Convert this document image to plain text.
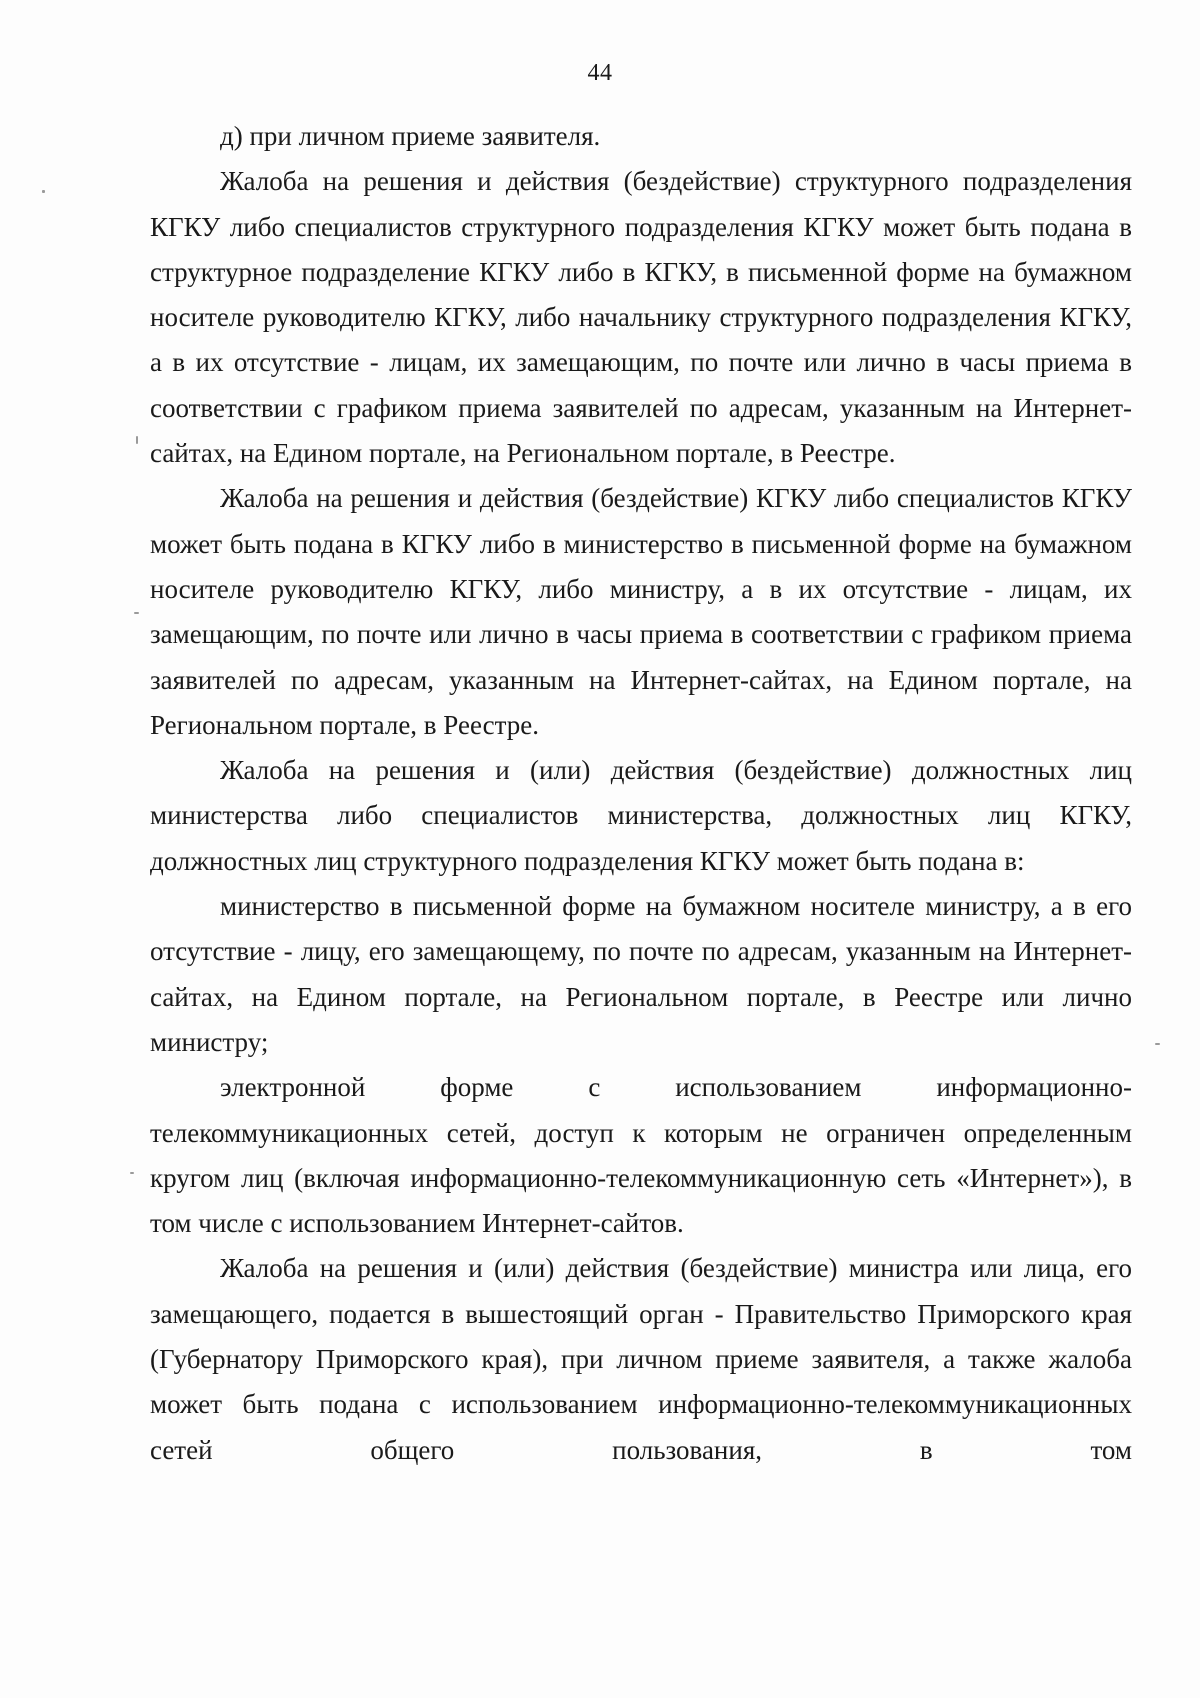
44

д) при личном приеме заявителя.

Жалоба на решения и действия (бездействие) структурного подразделения КГКУ либо специалистов структурного подразделения КГКУ может быть подана в структурное подразделение КГКУ либо в КГКУ, в письменной форме на бумажном носителе руководителю КГКУ, либо начальнику структурного подразделения КГКУ, а в их отсутствие - лицам, их замещающим, по почте или лично в часы приема в соответствии с графиком приема заявителей по адресам, указанным на Интернет-сайтах, на Едином портале, на Региональном портале, в Реестре.

Жалоба на решения и действия (бездействие) КГКУ либо специалистов КГКУ может быть подана в КГКУ либо в министерство в письменной форме на бумажном носителе руководителю КГКУ, либо министру, а в их отсутствие - лицам, их замещающим, по почте или лично в часы приема в соответствии с графиком приема заявителей по адресам, указанным на Интернет-сайтах, на Едином портале, на Региональном портале, в Реестре.

Жалоба на решения и (или) действия (бездействие) должностных лиц министерства либо специалистов министерства, должностных лиц КГКУ, должностных лиц структурного подразделения КГКУ может быть подана в:

министерство в письменной форме на бумажном носителе министру, а в его отсутствие - лицу, его замещающему, по почте по адресам, указанным на Интернет-сайтах, на Едином портале, на Региональном портале, в Реестре или лично министру;

электронной форме с использованием информационно-телекоммуникационных сетей, доступ к которым не ограничен определенным кругом лиц (включая информационно-телекоммуникационную сеть «Интернет»), в том числе с использованием Интернет-сайтов.

Жалоба на решения и (или) действия (бездействие) министра или лица, его замещающего, подается в вышестоящий орган - Правительство Приморского края (Губернатору Приморского края), при личном приеме заявителя, а также жалоба может быть подана с использованием информационно-телекоммуникационных сетей общего пользования, в том
